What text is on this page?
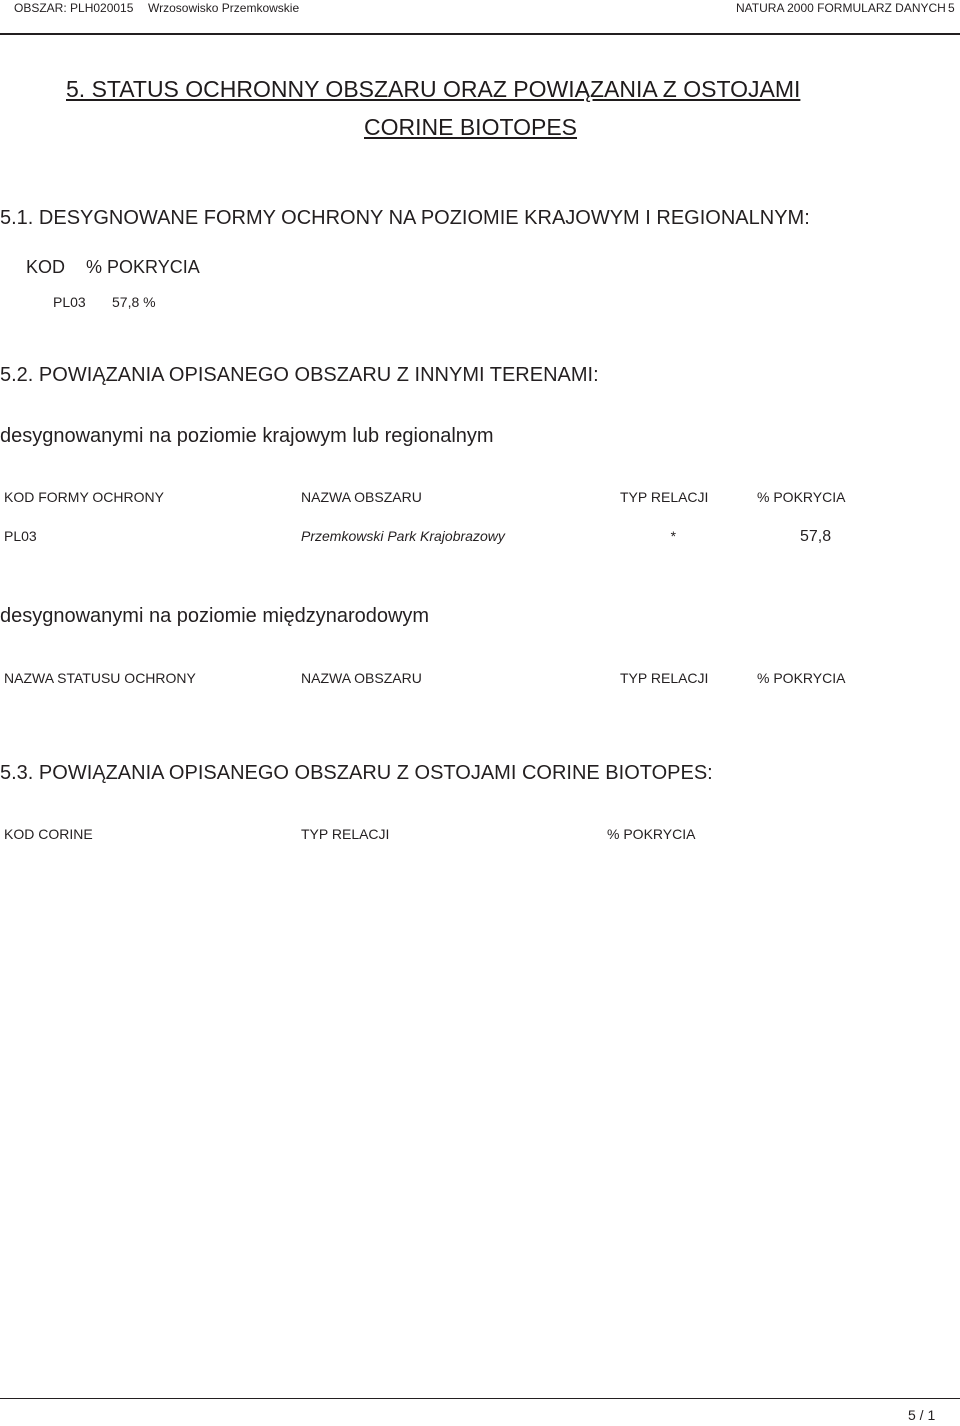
OBSZAR: PLH020015 Wrzosowisko Przemkowskie	NATURA 2000 FORMULARZ DANYCH 5
5. STATUS OCHRONNY OBSZARU ORAZ POWIĄZANIA Z OSTOJAMI
CORINE BIOTOPES
5.1. DESYGNOWANE FORMY OCHRONY NA POZIOMIE KRAJOWYM I REGIONALNYM:
KOD % POKRYCIA
PL03 57,8 %
5.2. POWIĄZANIA OPISANEGO OBSZARU Z INNYMI TERENAMI:
desygnowanymi na poziomie krajowym lub regionalnym
KOD FORMY OCHRONY	NAZWA OBSZARU	TYP RELACJI	% POKRYCIA
PL03	Przemkowski Park Krajobrazowy	*	57,8
desygnowanymi na poziomie międzynarodowym
NAZWA STATUSU OCHRONY	NAZWA OBSZARU	TYP RELACJI	% POKRYCIA
5.3. POWIĄZANIA OPISANEGO OBSZARU Z OSTOJAMI CORINE BIOTOPES:
KOD CORINE	TYP RELACJI	% POKRYCIA
5 / 1
